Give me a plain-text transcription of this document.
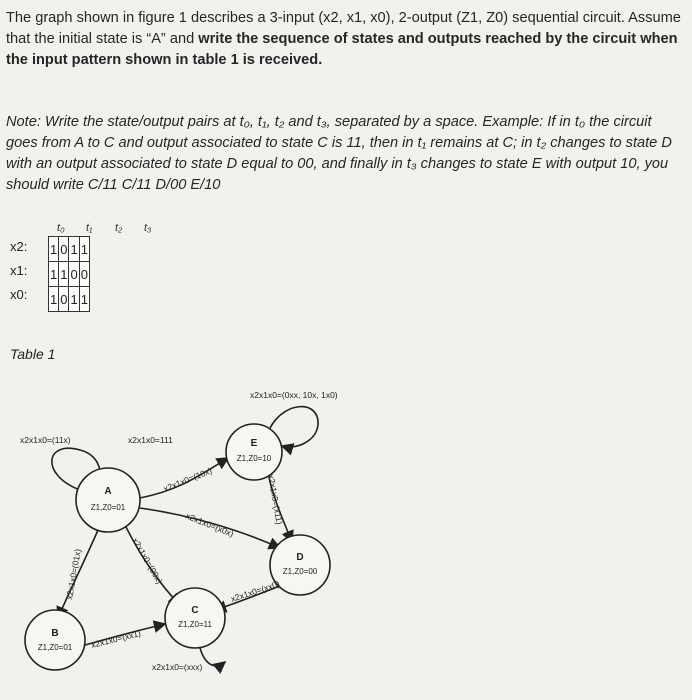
The graph shown in figure 1 describes a 3-input (x2, x1, x0), 2-output (Z1, Z0) sequential circuit. Assume that the initial state is “A” and write the sequence of states and outputs reached by the circuit when the input pattern shown in table 1 is received.
Note: Write the state/output pairs at t₀, t₁, t₂ and t₃, separated by a space. Example: If in t₀ the circuit goes from A to C and output associated to state C is 11, then in t₁ remains at C; in t₂ changes to state D with an output associated to state D equal to 00, and finally in t₃ changes to state E with output 10, you should write C/11 C/11 D/00 E/10
t₀ t₁ t₂ t₃
x2:
x1:
x0:
1	0	1	1
1	1	0	0
1	0	1	1
Table 1
A
Z1,Z0=01
E
Z1,Z0=10
D
Z1,Z0=00
B
Z1,Z0=01
C
Z1,Z0=11
x2x1x0=(11x)	x2x1x0=111
x2x1x0=(0xx, 10x, 1x0)
x2x1x0=(10x)
x2x1x0=(x0x)	x2x1x0=(x11)
x2x1x0=(01x)	x2x1x0=(00x)
x2x1x0=(xx0)
x2x1x0=(xx1)
x2x1x0=(xxx)
